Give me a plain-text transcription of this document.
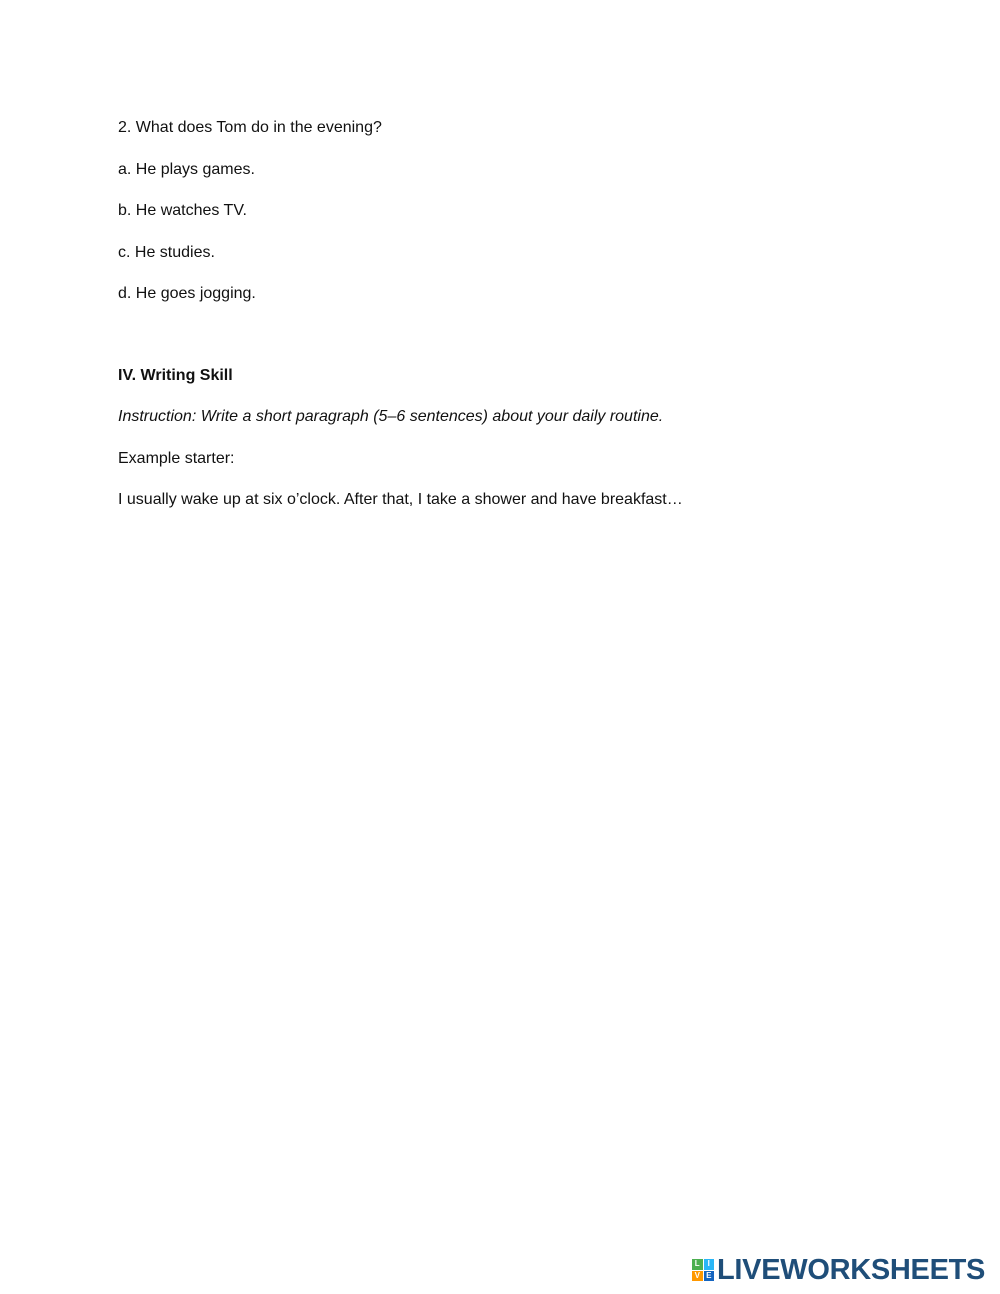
2. What does Tom do in the evening?

a. He plays games.

b. He watches TV.

c. He studies.

d. He goes jogging.

IV. Writing Skill

Instruction: Write a short paragraph (5–6 sentences) about your daily routine.

Example starter:

I usually wake up at six o’clock. After that, I take a shower and have breakfast…

L I
V E LIVEWORKSHEETS
